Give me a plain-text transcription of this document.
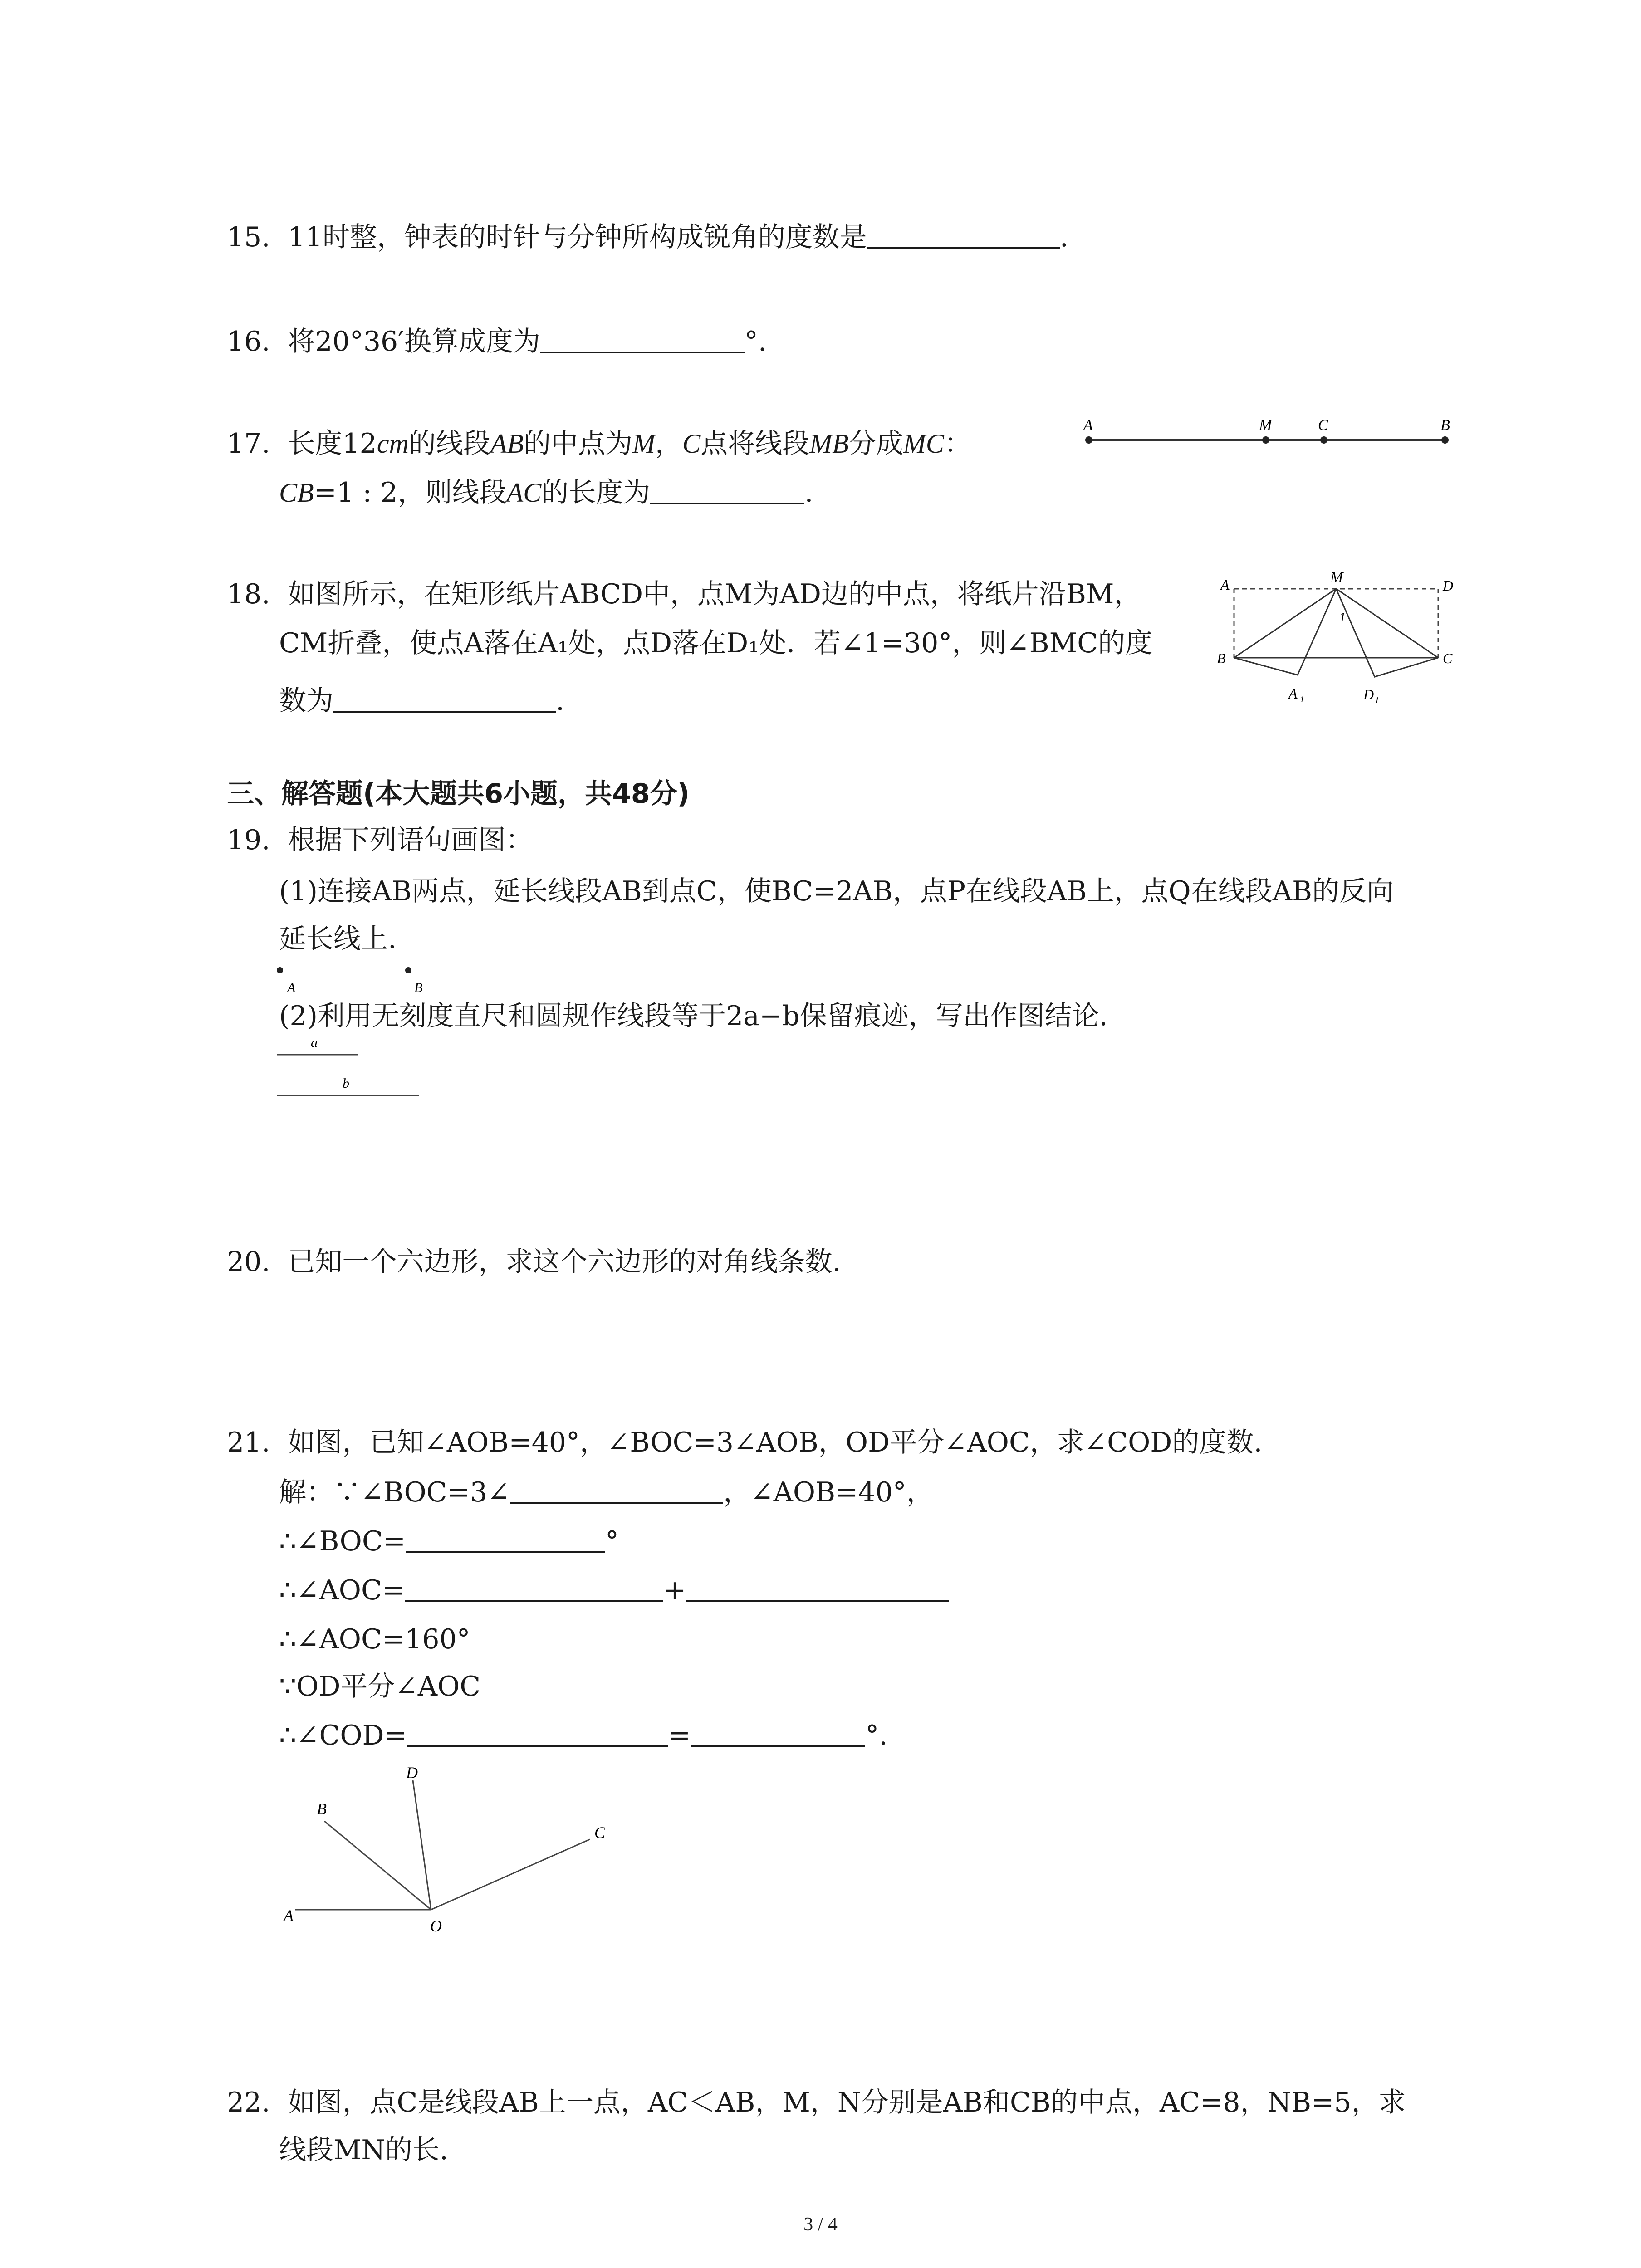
15. 11时整，钟表的时针与分钟所构成锐角的度数是	.
16. 将20°36′换算成度为	°.
17. 长度12cm的线段AB的中点为M，C点将线段MB分成MC：
CB=1 : 2，则线段AC的长度为	.
A	M	C	B
18. 如图所示，在矩形纸片ABCD中，点M为AD边的中点，将纸片沿BM，
CM折叠，使点A落在A₁处，点D落在D₁处．若∠1=30°，则∠BMC的度
数为	.
M
A	D
B	C
A 1	D 1
1
三、解答题(本大题共6小题，共48分)
19. 根据下列语句画图：
(1)连接AB两点，延长线段AB到点C，使BC=2AB，点P在线段AB上，点Q在线段AB的反向
延长线上.
A	B
(2)利用无刻度直尺和圆规作线段等于2a−b保留痕迹，写出作图结论.
a
b
20. 已知一个六边形，求这个六边形的对角线条数.
21. 如图，已知∠AOB=40°，∠BOC=3∠AOB，OD平分∠AOC，求∠COD的度数.
解：∵∠BOC=3∠	，∠AOB=40°，
∴∠BOC=	°
∴∠AOC=	+
∴∠AOC=160°
∵OD平分∠AOC
∴∠COD=	=	°.
D
B
C
A
O
22. 如图，点C是线段AB上一点，AC＜AB，M，N分别是AB和CB的中点，AC=8，NB=5，求
线段MN的长.
3 / 4
